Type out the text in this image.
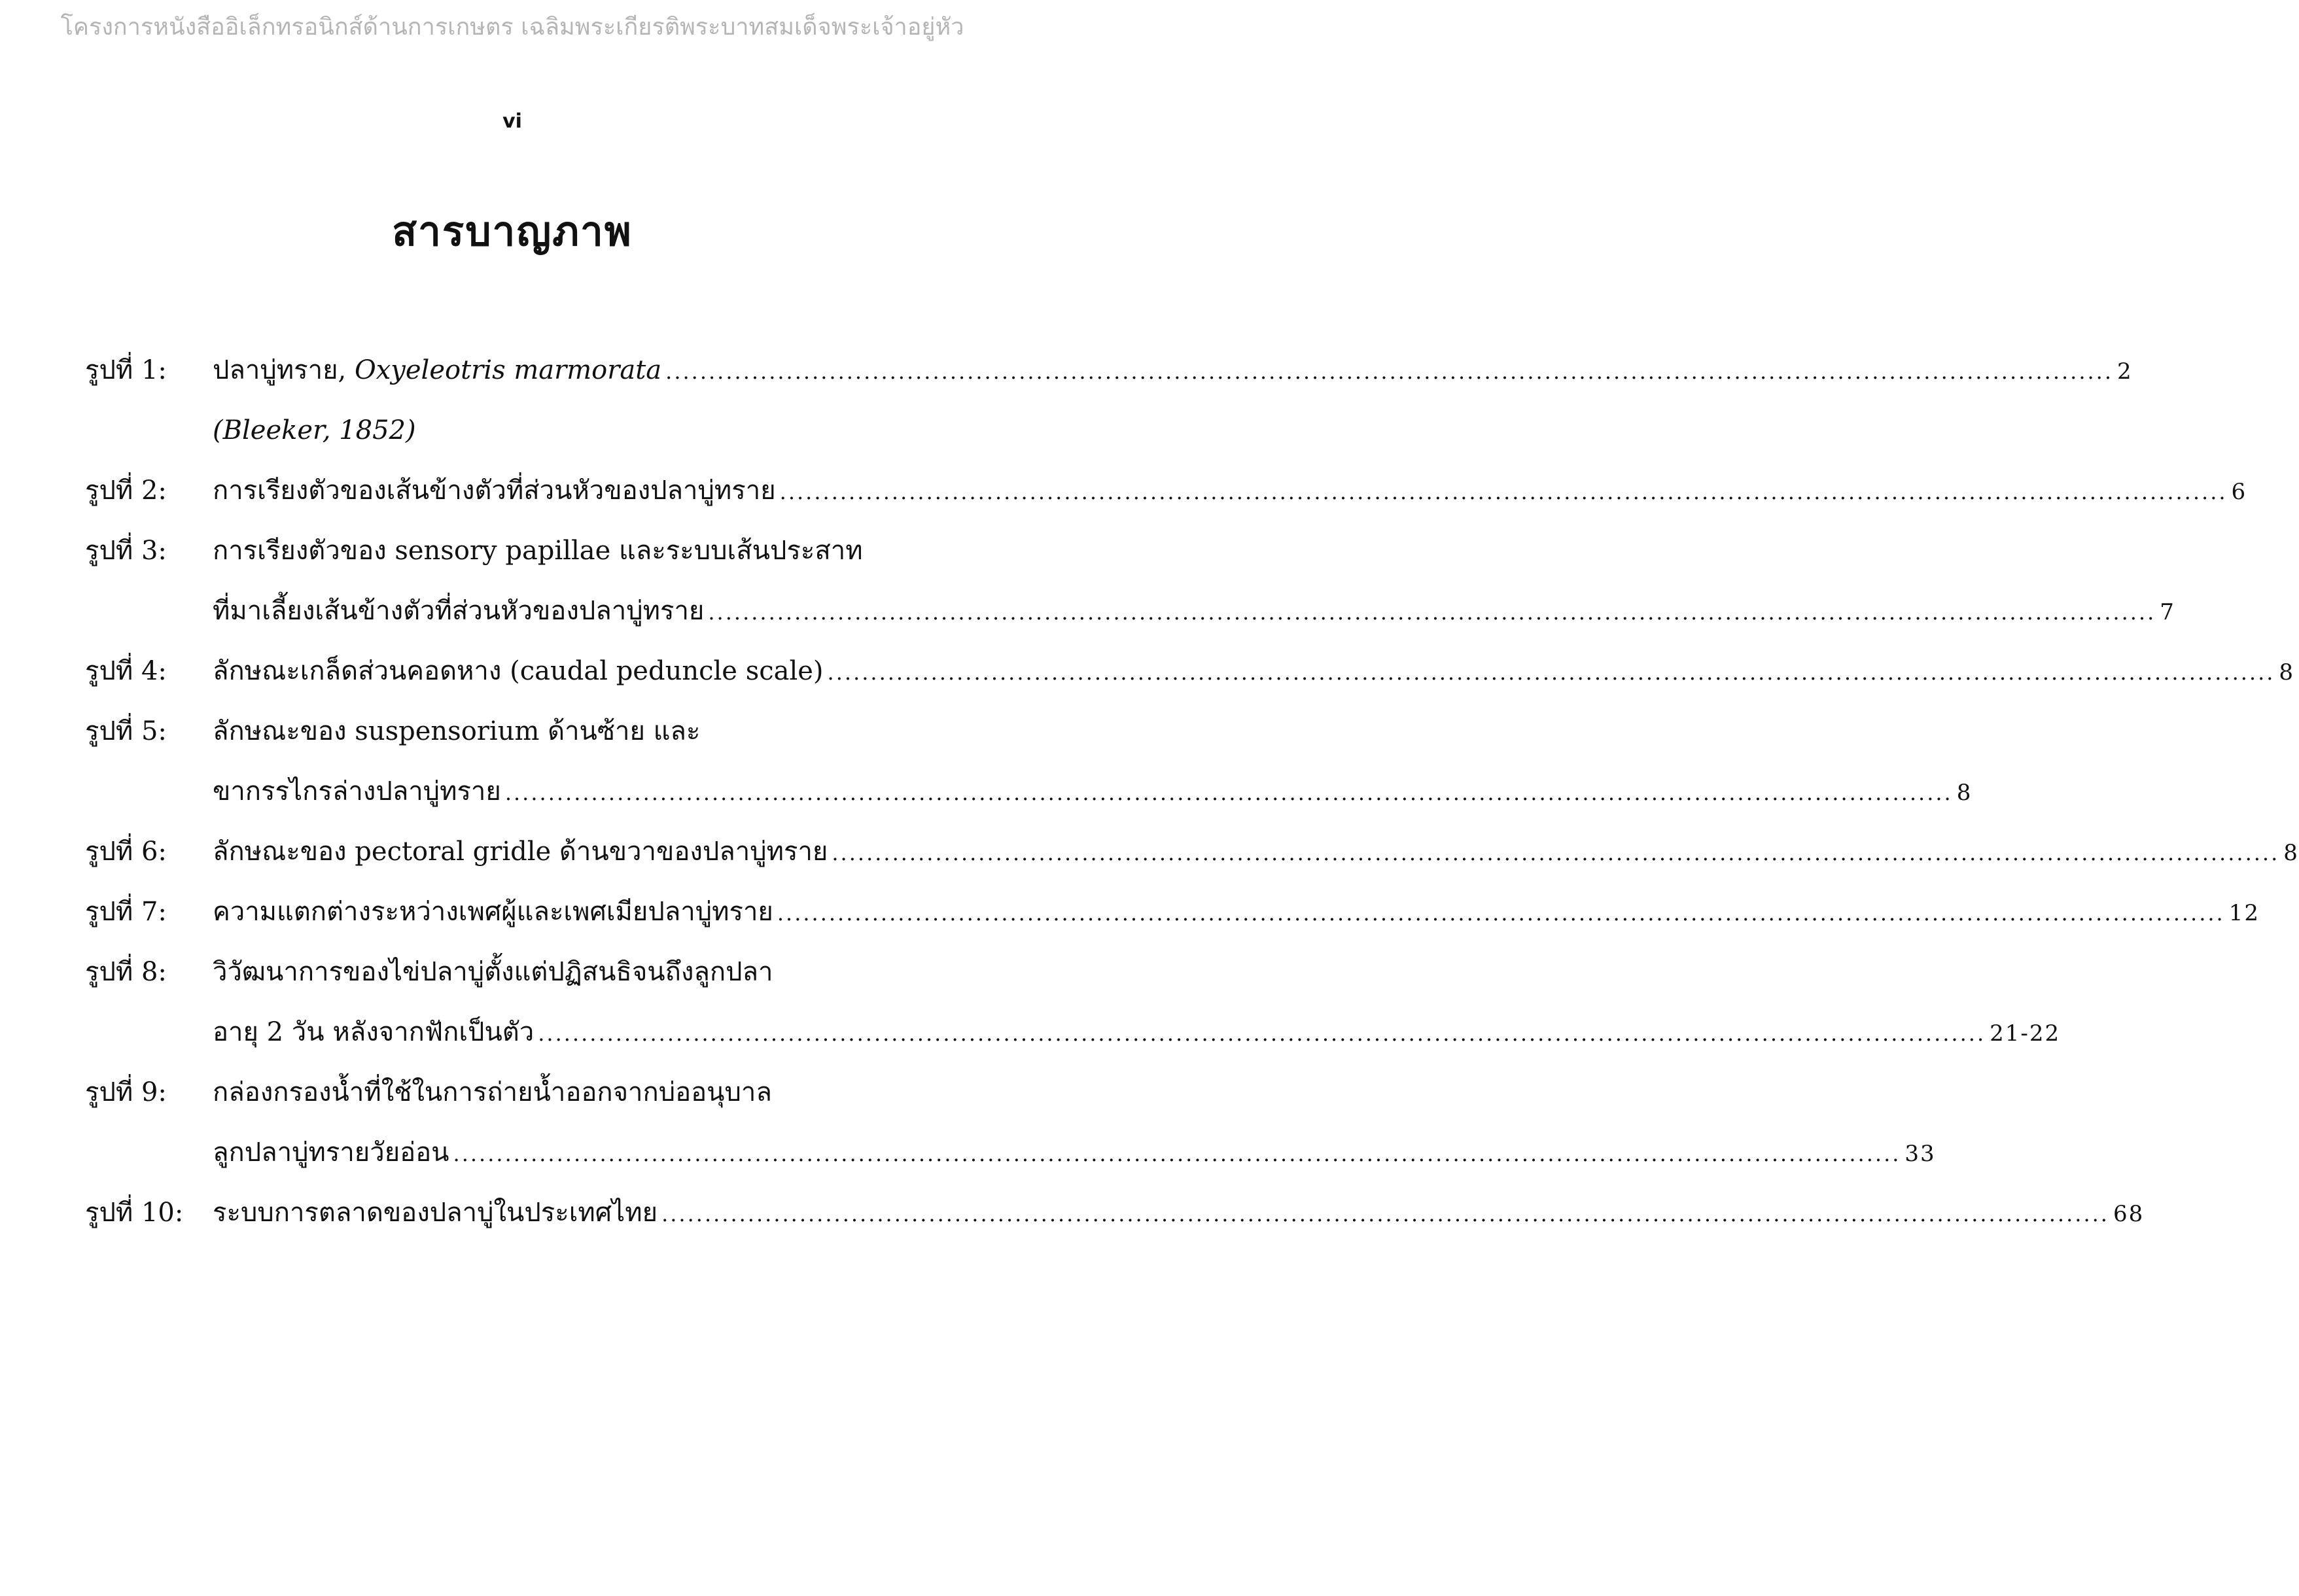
โครงการหนังสืออิเล็กทรอนิกส์ด้านการเกษตร เฉลิมพระเกียรติพระบาทสมเด็จพระเจ้าอยู่หัว
vi
สารบาญภาพ
รูปที่ 1:	ปลาบู่ทราย, Oxyeleotris marmorata .....	2
(Bleeker, 1852)
รูปที่ 2:	การเรียงตัวของเส้นข้างตัวที่ส่วนหัวของปลาบู่ทราย .....	6
รูปที่ 3:	การเรียงตัวของ sensory papillae และระบบเส้นประสาท
ที่มาเลี้ยงเส้นข้างตัวที่ส่วนหัวของปลาบู่ทราย .....	7
รูปที่ 4:	ลักษณะเกล็ดส่วนคอดหาง (caudal peduncle scale) .....	8
รูปที่ 5:	ลักษณะของ suspensorium ด้านซ้าย และ
ขากรรไกรล่างปลาบู่ทราย .....	8
รูปที่ 6:	ลักษณะของ pectoral gridle ด้านขวาของปลาบู่ทราย .....	8
รูปที่ 7:	ความแตกต่างระหว่างเพศผู้และเพศเมียปลาบู่ทราย .....	12
รูปที่ 8:	วิวัฒนาการของไข่ปลาบู่ตั้งแต่ปฏิสนธิจนถึงลูกปลา
อายุ 2 วัน หลังจากฟักเป็นตัว .....	21-22
รูปที่ 9:	กล่องกรองน้ำที่ใช้ในการถ่ายน้ำออกจากบ่ออนุบาล
ลูกปลาบู่ทรายวัยอ่อน .....	33
รูปที่ 10:	ระบบการตลาดของปลาบู่ในประเทศไทย .....	68
